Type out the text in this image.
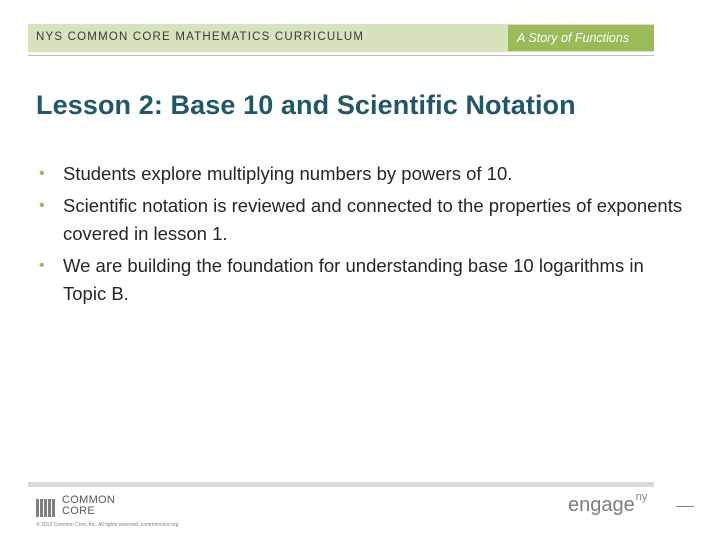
NYS COMMON CORE MATHEMATICS CURRICULUM	A Story of Functions
Lesson 2: Base 10 and Scientific Notation
• Students explore multiplying numbers by powers of 10.
• Scientific notation is reviewed and connected to the properties of exponents covered in lesson 1.
• We are building the foundation for understanding base 10 logarithms in Topic B.
COMMON
CORE
© 2012 Common Core, Inc. All rights reserved. commoncore.org
engage$^{ny}$
